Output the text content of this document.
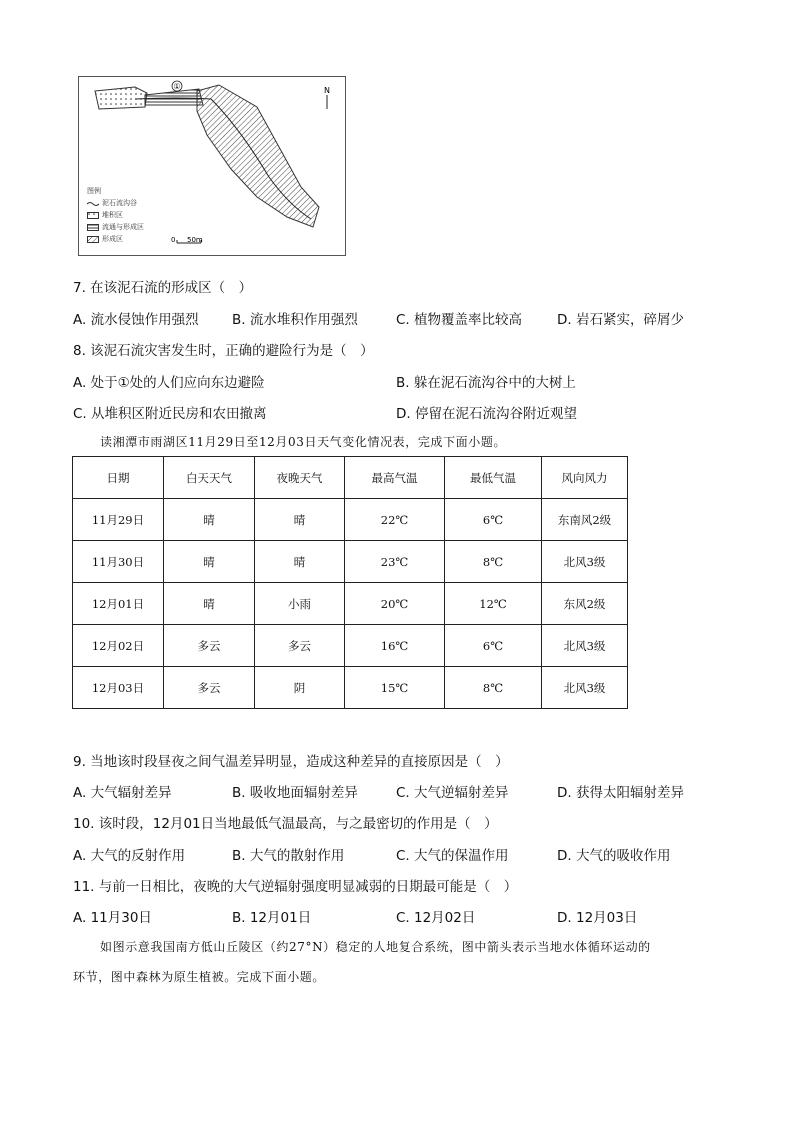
①	N
0 50m
图例
泥石流沟谷
堆积区
流通与形成区
形成区
7. 在该泥石流的形成区（　）
A. 流水侵蚀作用强烈 B. 流水堆积作用强烈	C. 植物覆盖率比较高	D. 岩石紧实，碎屑少
8. 该泥石流灾害发生时，正确的避险行为是（　）
A. 处于①处的人们应向东边避险	B. 躲在泥石流沟谷中的大树上
C. 从堆积区附近民房和农田撤离	D. 停留在泥石流沟谷附近观望
读湘潭市雨湖区11月29日至12月03日天气变化情况表，完成下面小题。
日期	白天天气	夜晚天气	最高气温	最低气温	风向风力
11月29日	晴	晴	22℃	6℃	东南风2级
11月30日	晴	晴	23℃	8℃	北风3级
12月01日	晴	小雨	20℃	12℃	东风2级
12月02日	多云	多云	16℃	6℃	北风3级
12月03日	多云	阴	15℃	8℃	北风3级
9. 当地该时段昼夜之间气温差异明显，造成这种差异的直接原因是（　）
A. 大气辐射差异	B. 吸收地面辐射差异	C. 大气逆辐射差异	D. 获得太阳辐射差异
10. 该时段，12月01日当地最低气温最高，与之最密切的作用是（　）
A. 大气的反射作用	B. 大气的散射作用	C. 大气的保温作用	D. 大气的吸收作用
11. 与前一日相比，夜晚的大气逆辐射强度明显减弱的日期最可能是（　）
A. 11月30日	B. 12月01日	C. 12月02日	D. 12月03日
如图示意我国南方低山丘陵区（约27°N）稳定的人地复合系统，图中箭头表示当地水体循环运动的
环节，图中森林为原生植被。完成下面小题。
